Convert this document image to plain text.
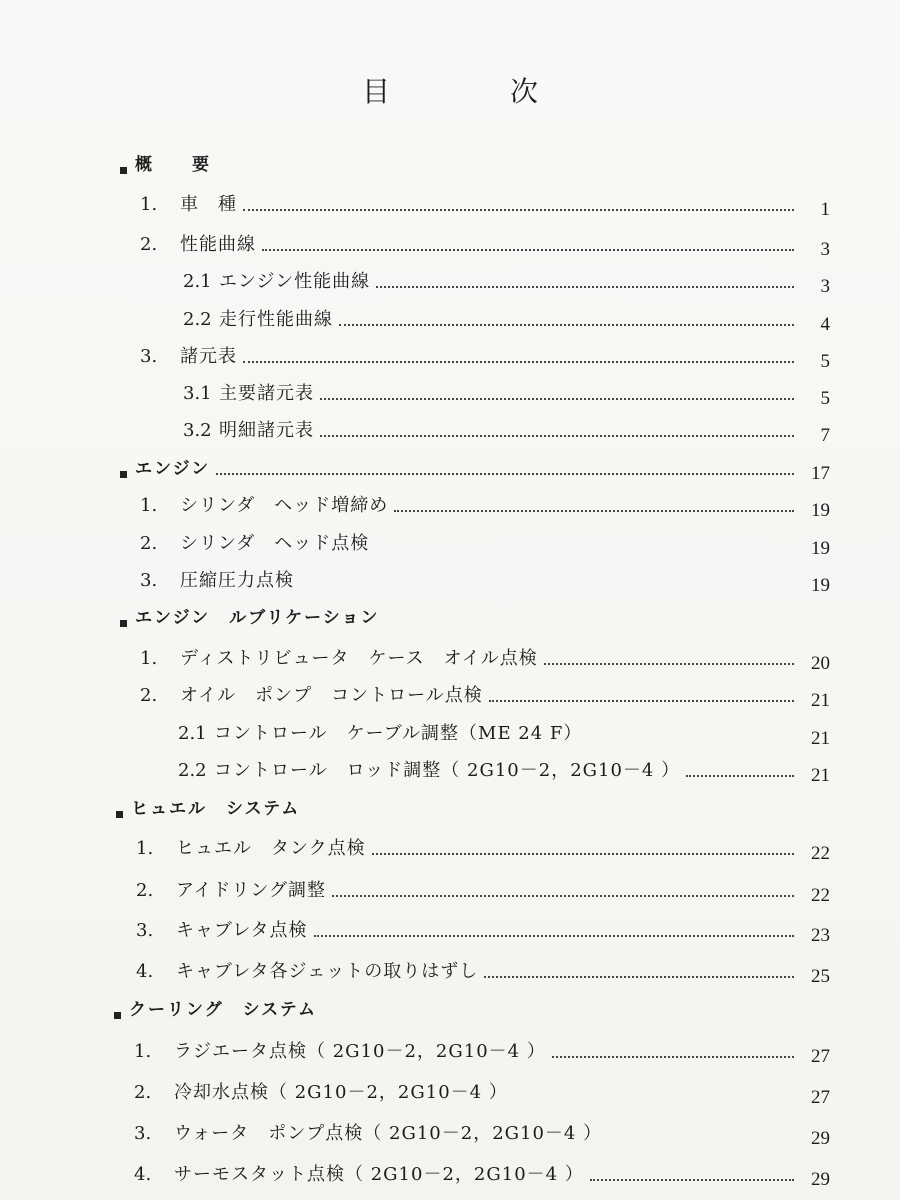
目　次
概　　要
1.	車　種	1
2.	性能曲線	3
2.1 エンジン性能曲線	3
2.2 走行性能曲線	4
3.	諸元表	5
3.1 主要諸元表	5
3.2 明細諸元表	7
エンジン	17
1.	シリンダ　ヘッド増締め	19
2.	シリンダ　ヘッド点検	19
3.	圧縮圧力点検	19
エンジン　ルブリケーション
1.	ディストリビュータ　ケース　オイル点検	20
2.	オイル　ポンプ　コントロール点検	21
2.1 コントロール　ケーブル調整（ME 24 F）	21
2.2 コントロール　ロッド調整（ 2G10－2，2G10－4 ）	21
ヒュエル　システム
1.	ヒュエル　タンク点検	22
2.	アイドリング調整	22
3.	キャブレタ点検	23
4.	キャブレタ各ジェットの取りはずし	25
クーリング　システム
1.	ラジエータ点検（ 2G10－2，2G10－4 ）	27
2.	冷却水点検（ 2G10－2，2G10－4 ）	27
3.	ウォータ　ポンプ点検（ 2G10－2，2G10－4 ）	29
4.	サーモスタット点検（ 2G10－2，2G10－4 ）	29
